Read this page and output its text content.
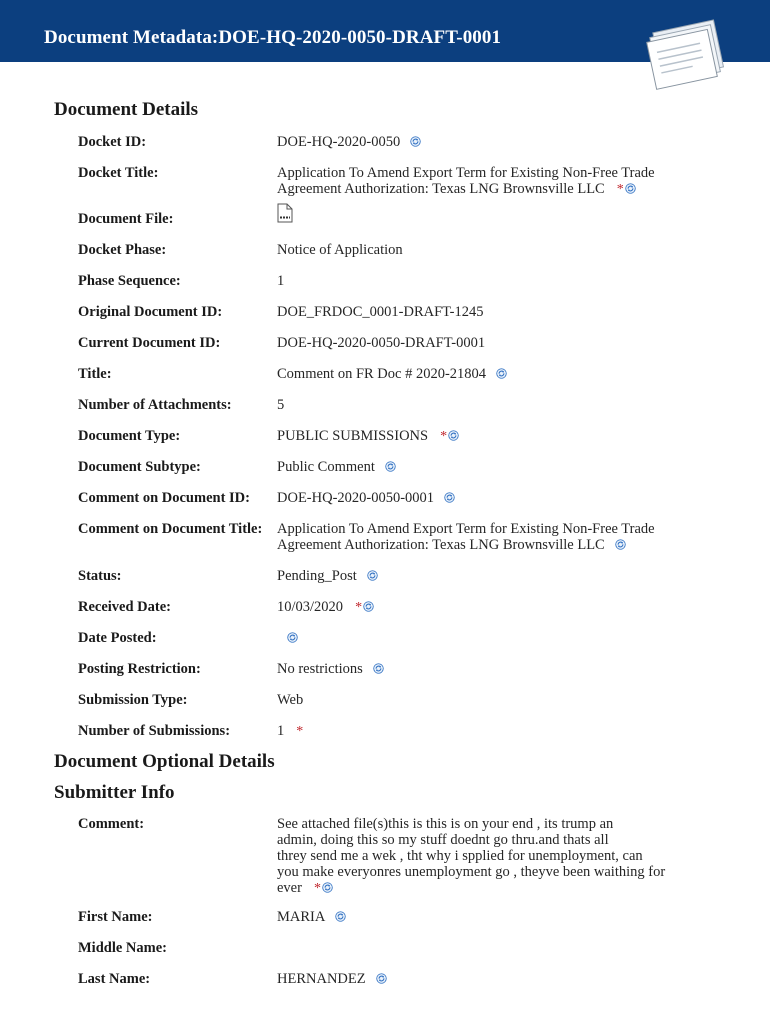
Document Metadata:DOE-HQ-2020-0050-DRAFT-0001
Document Details
Docket ID:	DOE-HQ-2020-0050
Docket Title:	Application To Amend Export Term for Existing Non-Free Trade
Agreement Authorization: Texas LNG Brownsville LLC *
Document File:
Docket Phase:	Notice of Application
Phase Sequence:	1
Original Document ID:	DOE_FRDOC_0001-DRAFT-1245
Current Document ID:	DOE-HQ-2020-0050-DRAFT-0001
Title:	Comment on FR Doc # 2020-21804
Number of Attachments:	5
Document Type:	PUBLIC SUBMISSIONS *
Document Subtype:	Public Comment
Comment on Document ID: DOE-HQ-2020-0050-0001
Comment on Document Title: Application To Amend Export Term for Existing Non-Free Trade
Agreement Authorization: Texas LNG Brownsville LLC
Status:	Pending_Post
Received Date:	10/03/2020 *
Date Posted:
Posting Restriction:	No restrictions
Submission Type:	Web
Number of Submissions:	1 *
Document Optional Details
Submitter Info
Comment:	See attached file(s)this is this is on your end , its trump an
admin, doing this so my stuff doednt go thru.and thats all
threy send me a wek , tht why i spplied for unemployment, can
you make everyonres unemployment go , theyve been waithing for
ever *
First Name:	MARIA
Middle Name:
Last Name:	HERNANDEZ
